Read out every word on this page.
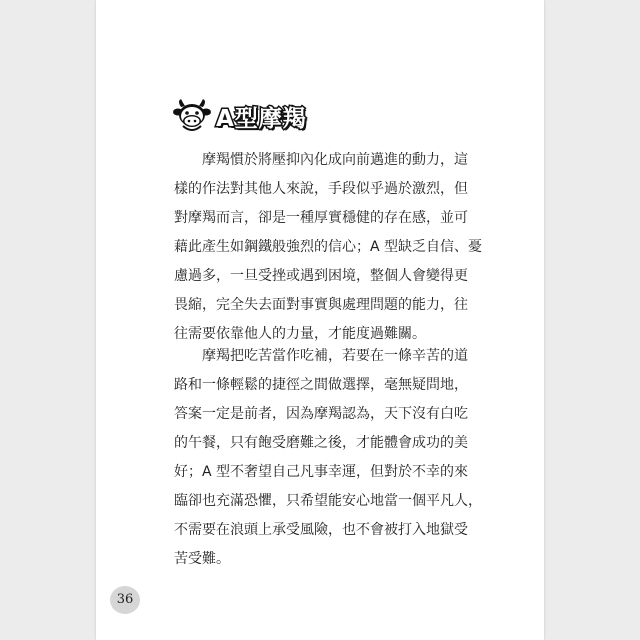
A型摩羯
摩羯慣於將壓抑內化成向前邁進的動力，這
樣的作法對其他人來說，手段似乎過於激烈，但
對摩羯而言，卻是一種厚實穩健的存在感，並可
藉此產生如鋼鐵般強烈的信心；A 型缺乏自信、憂
慮過多，一旦受挫或遇到困境，整個人會變得更
畏縮，完全失去面對事實與處理問題的能力，往
往需要依靠他人的力量，才能度過難關。
摩羯把吃苦當作吃補，若要在一條辛苦的道
路和一條輕鬆的捷徑之間做選擇，毫無疑問地，
答案一定是前者，因為摩羯認為，天下沒有白吃
的午餐，只有飽受磨難之後，才能體會成功的美
好；A 型不奢望自己凡事幸運，但對於不幸的來
臨卻也充滿恐懼，只希望能安心地當一個平凡人，
不需要在浪頭上承受風險，也不會被打入地獄受
苦受難。
36
